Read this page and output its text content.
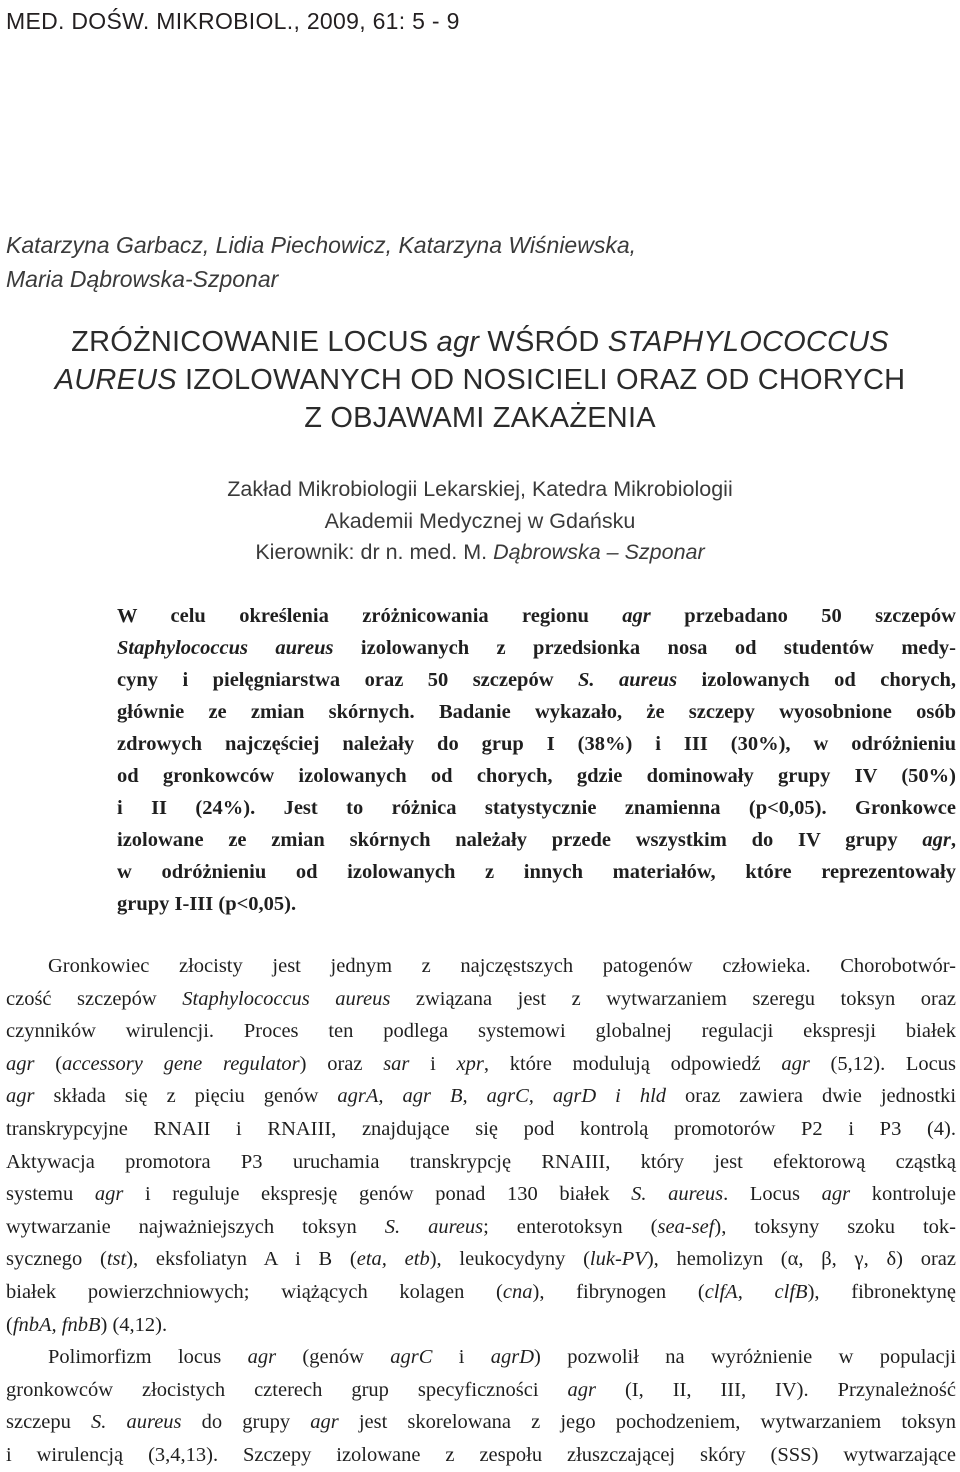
MED. DOŚW. MIKROBIOL., 2009, 61: 5 - 9
Katarzyna Garbacz, Lidia Piechowicz, Katarzyna Wiśniewska,
Maria Dąbrowska-Szponar
ZRÓŻNICOWANIE LOCUS agr WŚRÓD STAPHYLOCOCCUS
AUREUS IZOLOWANYCH OD NOSICIELI ORAZ OD CHORYCH
Z OBJAWAMI ZAKAŻENIA
Zakład Mikrobiologii Lekarskiej, Katedra Mikrobiologii
Akademii Medycznej w Gdańsku
Kierownik: dr n. med. M. Dąbrowska – Szponar
W celu określenia zróżnicowania regionu agr przebadano 50 szczepów
Staphylococcus aureus izolowanych z przedsionka nosa od studentów medy-
cyny i pielęgniarstwa oraz 50 szczepów S. aureus izolowanych od chorych,
głównie ze zmian skórnych. Badanie wykazało, że szczepy wyosobnione osób
zdrowych najczęściej należały do grup I (38%) i III (30%), w odróżnieniu
od gronkowców izolowanych od chorych, gdzie dominowały grupy IV (50%)
i II (24%). Jest to różnica statystycznie znamienna (p<0,05). Gronkowce
izolowane ze zmian skórnych należały przede wszystkim do IV grupy agr,
w odróżnieniu od izolowanych z innych materiałów, które reprezentowały
grupy I-III (p<0,05).
Gronkowiec złocisty jest jednym z najczęstszych patogenów człowieka. Chorobotwór-
czość szczepów Staphylococcus aureus związana jest z wytwarzaniem szeregu toksyn oraz
czynników wirulencji. Proces ten podlega systemowi globalnej regulacji ekspresji białek
agr (accessory gene regulator) oraz sar i xpr, które modulują odpowiedź agr (5,12). Locus
agr składa się z pięciu genów agrA, agr B, agrC, agrD i hld oraz zawiera dwie jednostki
transkrypcyjne RNAII i RNAIII, znajdujące się pod kontrolą promotorów P2 i P3 (4).
Aktywacja promotora P3 uruchamia transkrypcję RNAIII, który jest efektorową cząstką
systemu agr i reguluje ekspresję genów ponad 130 białek S. aureus. Locus agr kontroluje
wytwarzanie najważniejszych toksyn S. aureus; enterotoksyn (sea-sef), toksyny szoku tok-
sycznego (tst), eksfoliatyn A i B (eta, etb), leukocydyny (luk-PV), hemolizyn (α, β, γ, δ) oraz
białek powierzchniowych; wiążących kolagen (cna), fibrynogen (clfA, clfB), fibronektynę
(fnbA, fnbB) (4,12).
Polimorfizm locus agr (genów agrC i agrD) pozwolił na wyróżnienie w populacji
gronkowców złocistych czterech grup specyficzności agr (I, II, III, IV). Przynależność
szczepu S. aureus do grupy agr jest skorelowana z jego pochodzeniem, wytwarzaniem toksyn
i wirulencją (3,4,13). Szczepy izolowane z zespołu złuszczającej skóry (SSS) wytwarzające
